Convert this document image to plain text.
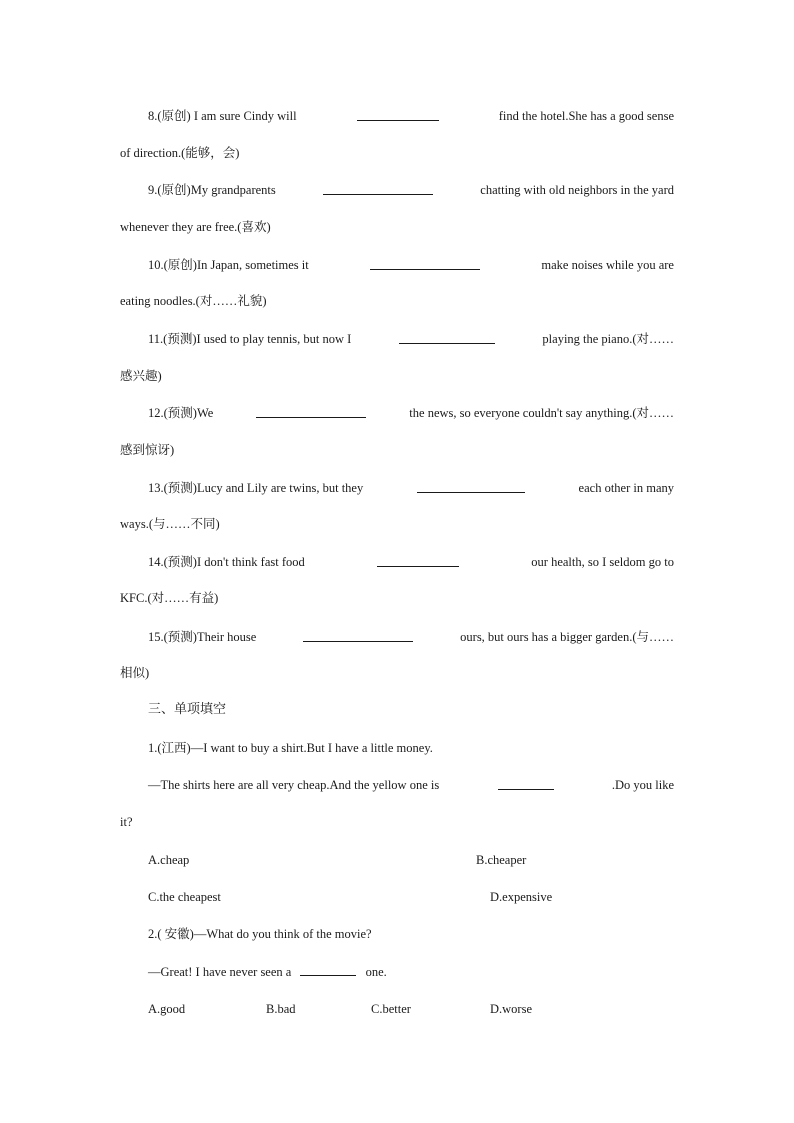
8.(原创) I am sure Cindy will	find the hotel.She has a good sense
of direction.(能够，会)
9.(原创)My grandparents	chatting with old neighbors in the yard
whenever they are free.(喜欢)
10.(原创)In Japan, sometimes it	make noises while you are
eating noodles.(对……礼貌)
11.(预测)I used to play tennis, but now I	playing the piano.(对……
感兴趣)
12.(预测)We	the news, so everyone couldn't say anything.(对……
感到惊讶)
13.(预测)Lucy and Lily are twins, but they	each other in many
ways.(与……不同)
14.(预测)I don't think fast food	our health, so I seldom go to
KFC.(对……有益)
15.(预测)Their house	ours, but ours has a bigger garden.(与……
相似)
三、单项填空
1.(江西)—I want to buy a shirt.But I have a little money.
—The shirts here are all very cheap.And the yellow one is	.Do you like
it?
A.cheap	B.cheaper
C.the cheapest	D.expensive
2.( 安徽)—What do you think of the movie?
—Great! I have never seen a	one.
A.good	B.bad	C.better	D.worse
